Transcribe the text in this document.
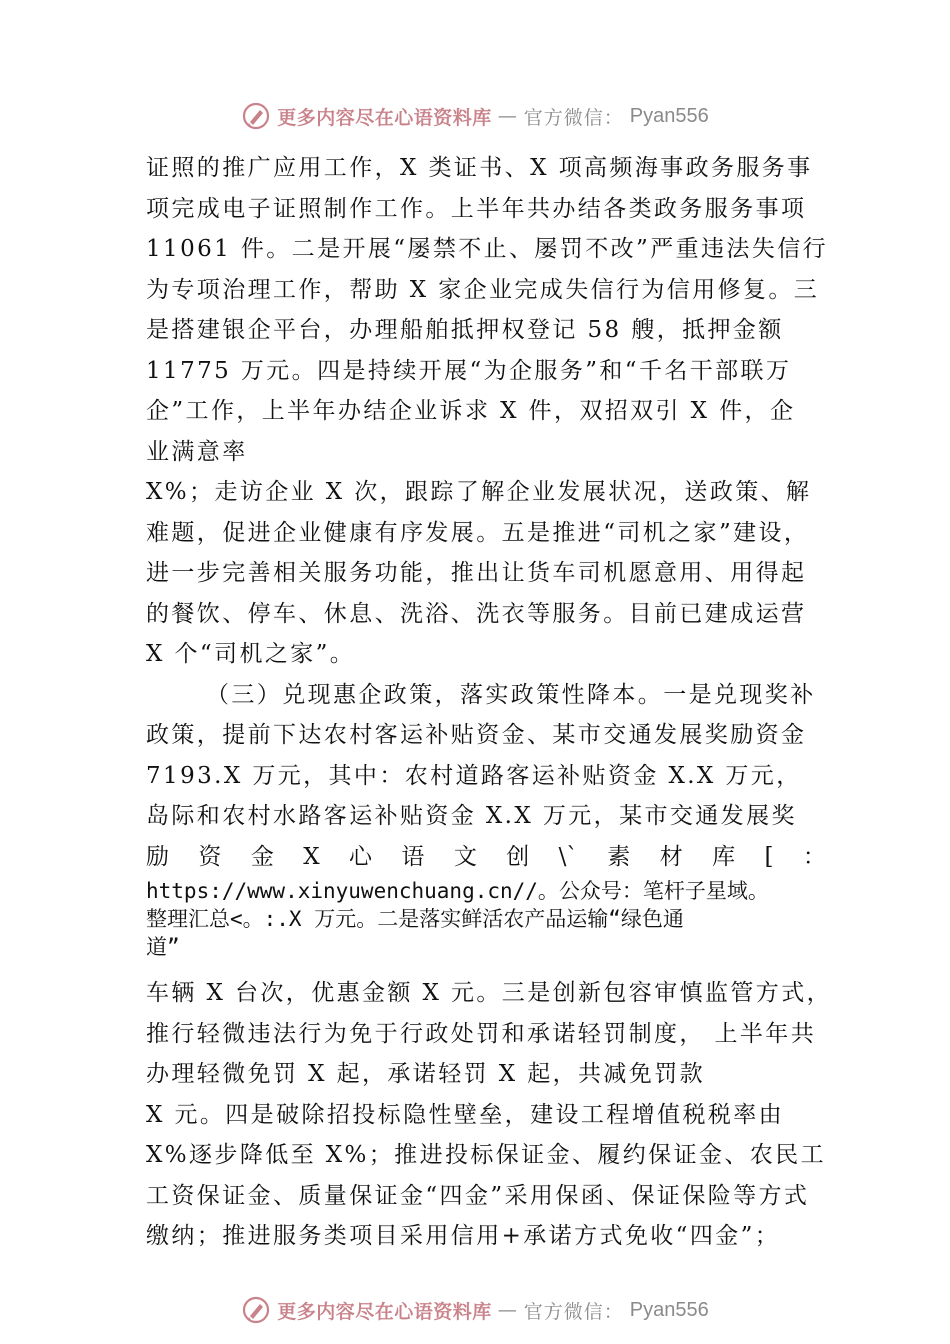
更多内容尽在心语资料库 — 官方微信： Pyan556
证照的推广应用工作，X 类证书、X 项高频海事政务服务事
项完成电子证照制作工作。上半年共办结各类政务服务事项
11061 件。二是开展“屡禁不止、屡罚不改”严重违法失信行
为专项治理工作，帮助 X 家企业完成失信行为信用修复。三
是搭建银企平台，办理船舶抵押权登记 58 艘，抵押金额
11775 万元。四是持续开展“为企服务”和“千名干部联万
企”工作，上半年办结企业诉求 X 件，双招双引 X 件，企
业满意率
X%；走访企业 X 次，跟踪了解企业发展状况，送政策、解
难题，促进企业健康有序发展。五是推进“司机之家”建设，
进一步完善相关服务功能，推出让货车司机愿意用、用得起
的餐饮、停车、休息、洗浴、洗衣等服务。目前已建成运营
X 个“司机之家”。
（三）兑现惠企政策，落实政策性降本。一是兑现奖补
政策，提前下达农村客运补贴资金、某市交通发展奖励资金
7193.X 万元，其中：农村道路客运补贴资金 X.X 万元，
岛际和农村水路客运补贴资金 X.X 万元，某市交通发展奖
励 资 金 X 心 语 文 创 \` 素 材 库 [ ：
https://www.xinyuwenchuang.cn//。公众号：笔杆子星域。
整理汇总<。:.X 万元。二是落实鲜活农产品运输“绿色通
道”
车辆 X 台次，优惠金额 X 元。三是创新包容审慎监管方式，
推行轻微违法行为免于行政处罚和承诺轻罚制度， 上半年共
办理轻微免罚 X 起，承诺轻罚 X 起，共减免罚款
X 元。四是破除招投标隐性壁垒，建设工程增值税税率由
X%逐步降低至 X%；推进投标保证金、履约保证金、农民工
工资保证金、质量保证金“四金”采用保函、保证保险等方式
缴纳；推进服务类项目采用信用+承诺方式免收“四金”；
更多内容尽在心语资料库 — 官方微信： Pyan556
